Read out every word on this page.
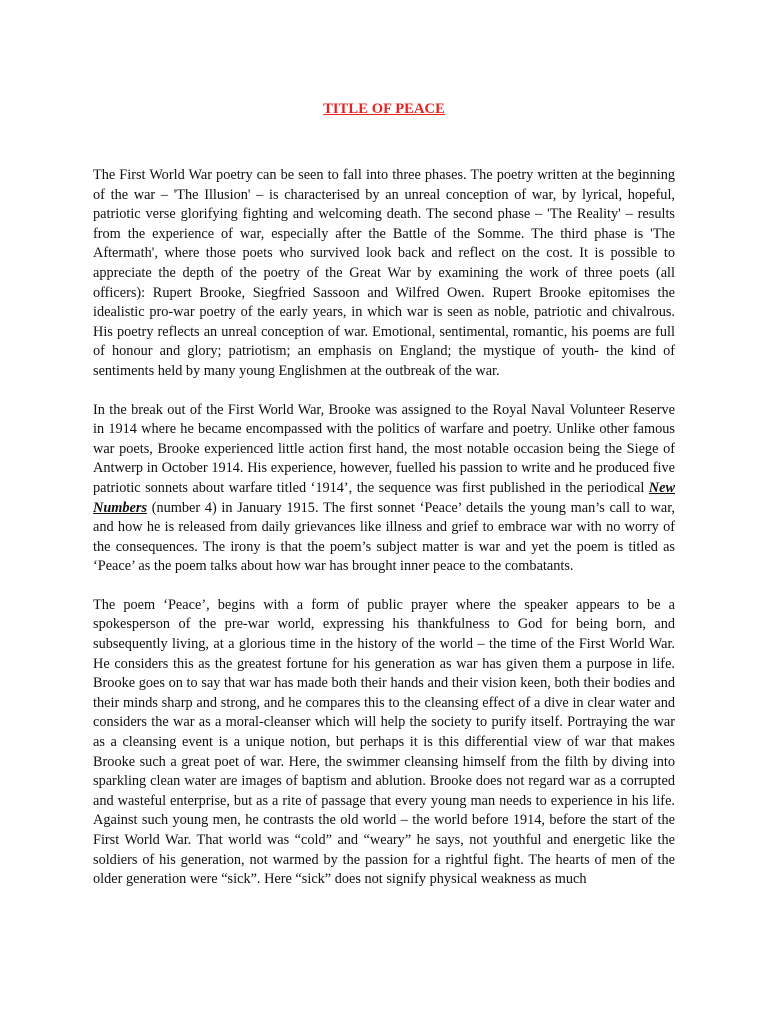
TITLE OF PEACE

The First World War poetry can be seen to fall into three phases. The poetry written at the beginning of the war – 'The Illusion' – is characterised by an unreal conception of war, by lyrical, hopeful, patriotic verse glorifying fighting and welcoming death. The second phase – 'The Reality' – results from the experience of war, especially after the Battle of the Somme. The third phase is 'The Aftermath', where those poets who survived look back and reflect on the cost. It is possible to appreciate the depth of the poetry of the Great War by examining the work of three poets (all officers): Rupert Brooke, Siegfried Sassoon and Wilfred Owen. Rupert Brooke epitomises the idealistic pro-war poetry of the early years, in which war is seen as noble, patriotic and chivalrous. His poetry reflects an unreal conception of war. Emotional, sentimental, romantic, his poems are full of honour and glory; patriotism; an emphasis on England; the mystique of youth- the kind of sentiments held by many young Englishmen at the outbreak of the war.

In the break out of the First World War, Brooke was assigned to the Royal Naval Volunteer Reserve in 1914 where he became encompassed with the politics of warfare and poetry. Unlike other famous war poets, Brooke experienced little action first hand, the most notable occasion being the Siege of Antwerp in October 1914. His experience, however, fuelled his passion to write and he produced five patriotic sonnets about warfare titled ‘1914’, the sequence was first published in the periodical New Numbers (number 4) in January 1915. The first sonnet ‘Peace’ details the young man’s call to war, and how he is released from daily grievances like illness and grief to embrace war with no worry of the consequences. The irony is that the poem’s subject matter is war and yet the poem is titled as ‘Peace’ as the poem talks about how war has brought inner peace to the combatants.

The poem ‘Peace’, begins with a form of public prayer where the speaker appears to be a spokesperson of the pre-war world, expressing his thankfulness to God for being born, and subsequently living, at a glorious time in the history of the world – the time of the First World War. He considers this as the greatest fortune for his generation as war has given them a purpose in life. Brooke goes on to say that war has made both their hands and their vision keen, both their bodies and their minds sharp and strong, and he compares this to the cleansing effect of a dive in clear water and considers the war as a moral-cleanser which will help the society to purify itself. Portraying the war as a cleansing event is a unique notion, but perhaps it is this differential view of war that makes Brooke such a great poet of war. Here, the swimmer cleansing himself from the filth by diving into sparkling clean water are images of baptism and ablution. Brooke does not regard war as a corrupted and wasteful enterprise, but as a rite of passage that every young man needs to experience in his life. Against such young men, he contrasts the old world – the world before 1914, before the start of the First World War. That world was “cold” and “weary” he says, not youthful and energetic like the soldiers of his generation, not warmed by the passion for a rightful fight. The hearts of men of the older generation were “sick”. Here “sick” does not signify physical weakness as much
